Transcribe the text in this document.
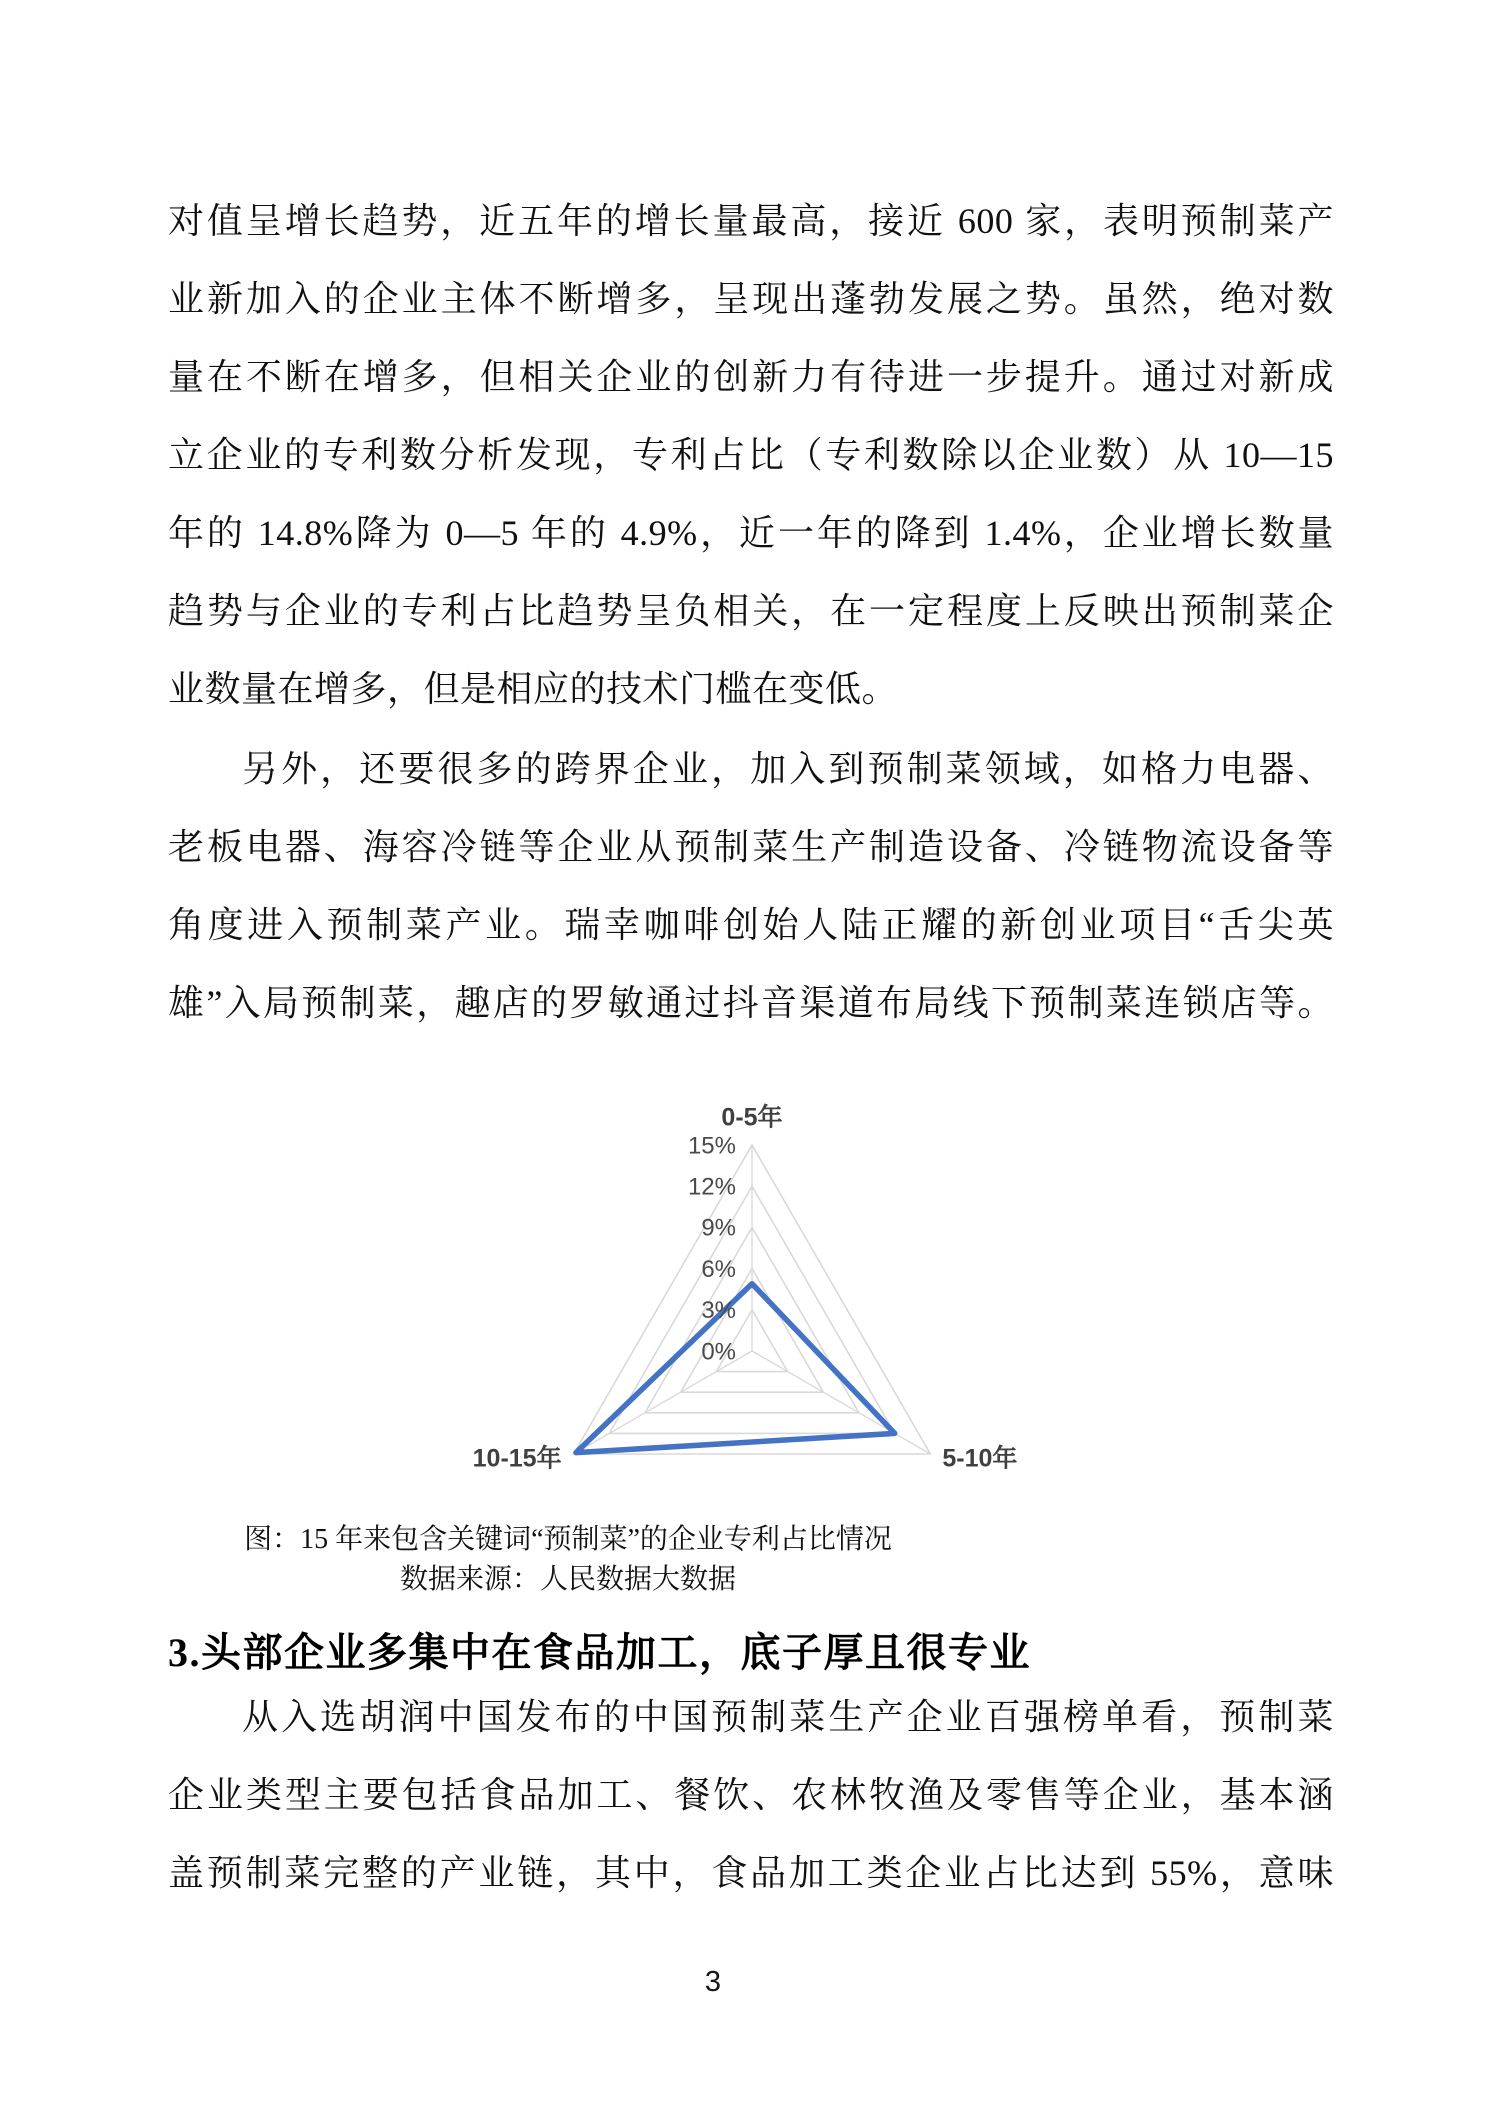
对值呈增长趋势，近五年的增长量最高，接近 600 家，表明预制菜产
业新加入的企业主体不断增多，呈现出蓬勃发展之势。虽然，绝对数
量在不断在增多，但相关企业的创新力有待进一步提升。通过对新成
立企业的专利数分析发现，专利占比（专利数除以企业数）从 10—15
年的 14.8%降为 0—5 年的 4.9%，近一年的降到 1.4%，企业增长数量
趋势与企业的专利占比趋势呈负相关，在一定程度上反映出预制菜企
业数量在增多，但是相应的技术门槛在变低。
另外，还要很多的跨界企业，加入到预制菜领域，如格力电器、
老板电器、海容冷链等企业从预制菜生产制造设备、冷链物流设备等
角度进入预制菜产业。瑞幸咖啡创始人陆正耀的新创业项目“舌尖英
雄”入局预制菜，趣店的罗敏通过抖音渠道布局线下预制菜连锁店等。
0%
3%
6%
9%
12%
15%
0-5年
5-10年
10-15年
图：15 年来包含关键词“预制菜”的企业专利占比情况
数据来源：人民数据大数据
3.头部企业多集中在食品加工，底子厚且很专业
从入选胡润中国发布的中国预制菜生产企业百强榜单看，预制菜
企业类型主要包括食品加工、餐饮、农林牧渔及零售等企业，基本涵
盖预制菜完整的产业链，其中，食品加工类企业占比达到 55%，意味
3
